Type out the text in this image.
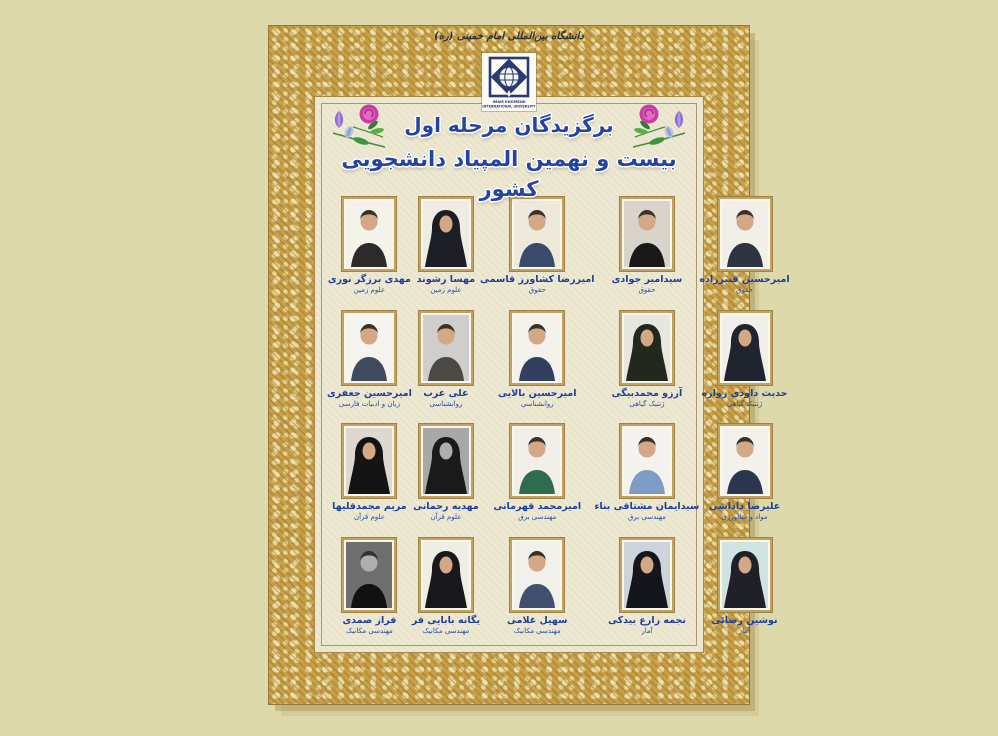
دانشگاه بین‌المللی امام خمینی (ره)
IMAM KHOMEINI
INTERNATIONAL UNIVERSITY
برگزیدگان مرحله اول
بیست و نهمین المپیاد دانشجویی کشور
مهدی برزگر نوری
علوم زمین
مهسا رشوند
علوم زمین
امیررضا کشاورز قاسمی
حقوق
سیدامیر جوادی
حقوق
امیرحسین قنبرزاده
حقوق
امیرحسین جعفری
زبان و ادبیات فارسی
علی عرب
روانشناسی
امیرحسین بالایی
روانشناسی
آرزو محمدبیگی
ژنتیک گیاهی
حدیث داودی زواره
ژنتیک گیاهی
مریم محمدقلیها
علوم قرآن
مهدیه رحمانی
علوم قرآن
امیرمحمد قهرمانی
مهندسی برق
سیدایمان مشتاقی بناء
مهندسی برق
علیرضا داداشی
مواد و متالورژی
فراز صمدی
مهندسی مکانیک
یگانه بابایی فر
مهندسی مکانیک
سهیل غلامی
مهندسی مکانیک
نجمه زارع بیدکی
آمار
نوشین رضائی
آمار
